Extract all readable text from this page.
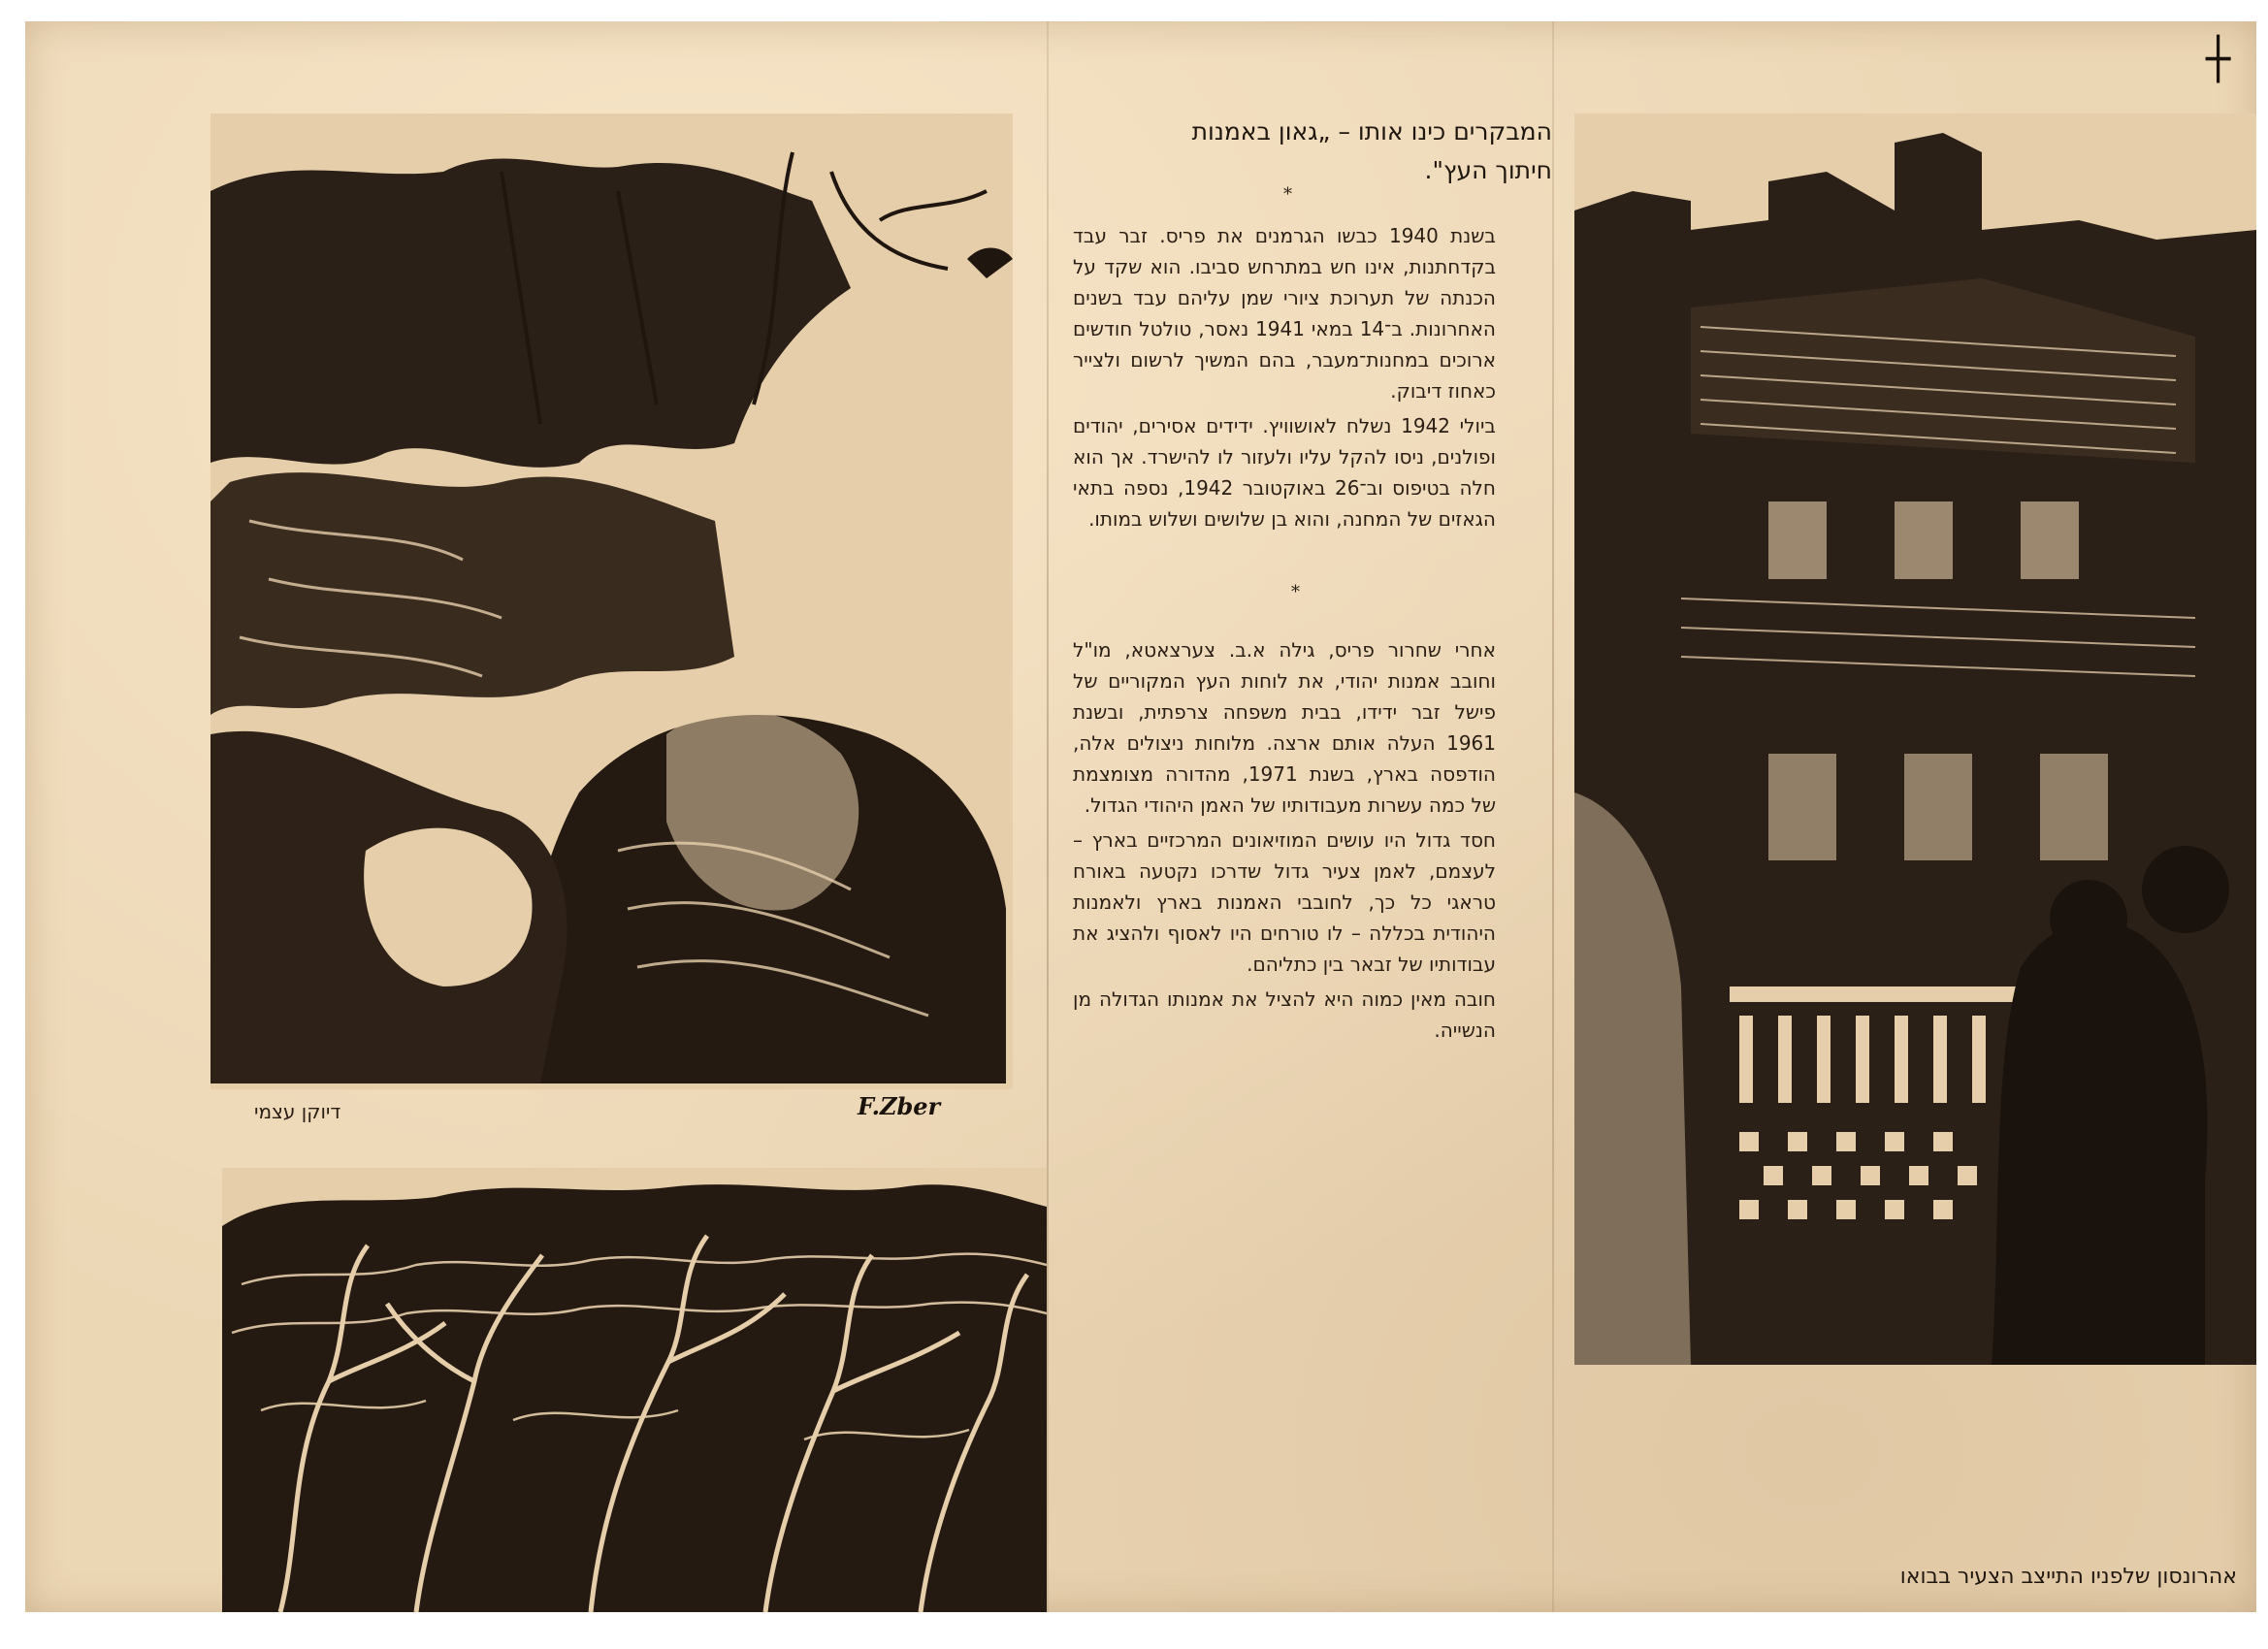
┼
F.Zber
דיוקן עצמי
המבקרים כינו אותו – „גאון באמנות
חיתוך העץ".
*

בשנת 1940 כבשו הגרמנים את פריס. זבר עבד בקדחתנות, אינו חש במתרחש סביבו. הוא שקד על הכנתה של תערוכת ציורי שמן עליהם עבד בשנים האחרונות. ב־14 במאי 1941 נאסר, טולטל חודשים ארוכים במחנות־מעבר, בהם המשיך לרשום ולצייר כאחוז דיבוק.

ביולי 1942 נשלח לאושוויץ. ידידים אסירים, יהודים ופולנים, ניסו להקל עליו ולעזור לו להישרד. אך הוא חלה בטיפוס וב־26 באוקטובר 1942, נספה בתאי הגאזים של המחנה, והוא בן שלושים ושלוש במותו.

*

אחרי שחרור פריס, גילה א.ב. צערצאטא, מו"ל וחובב אמנות יהודי, את לוחות העץ המקוריים של פישל זבר ידידו, בבית משפחה צרפתית, ובשנת 1961 העלה אותם ארצה. מלוחות ניצולים אלה, הודפסה בארץ, בשנת 1971, מהדורה מצומצמת של כמה עשרות מעבודותיו של האמן היהודי הגדול.

חסד גדול היו עושים המוזיאונים המרכזיים בארץ – לעצמם, לאמן צעיר גדול שדרכו נקטעה באורח טראגי כל כך, לחובבי האמנות בארץ ולאמנות היהודית בכללה – לו טורחים היו לאסוף ולהציג את עבודותיו של זבאר בין כתליהם.

חובה מאין כמוה היא להציל את אמנותו הגדולה מן הנשייה.

אהרונסון שלפניו התייצב הצעיר בבואו
